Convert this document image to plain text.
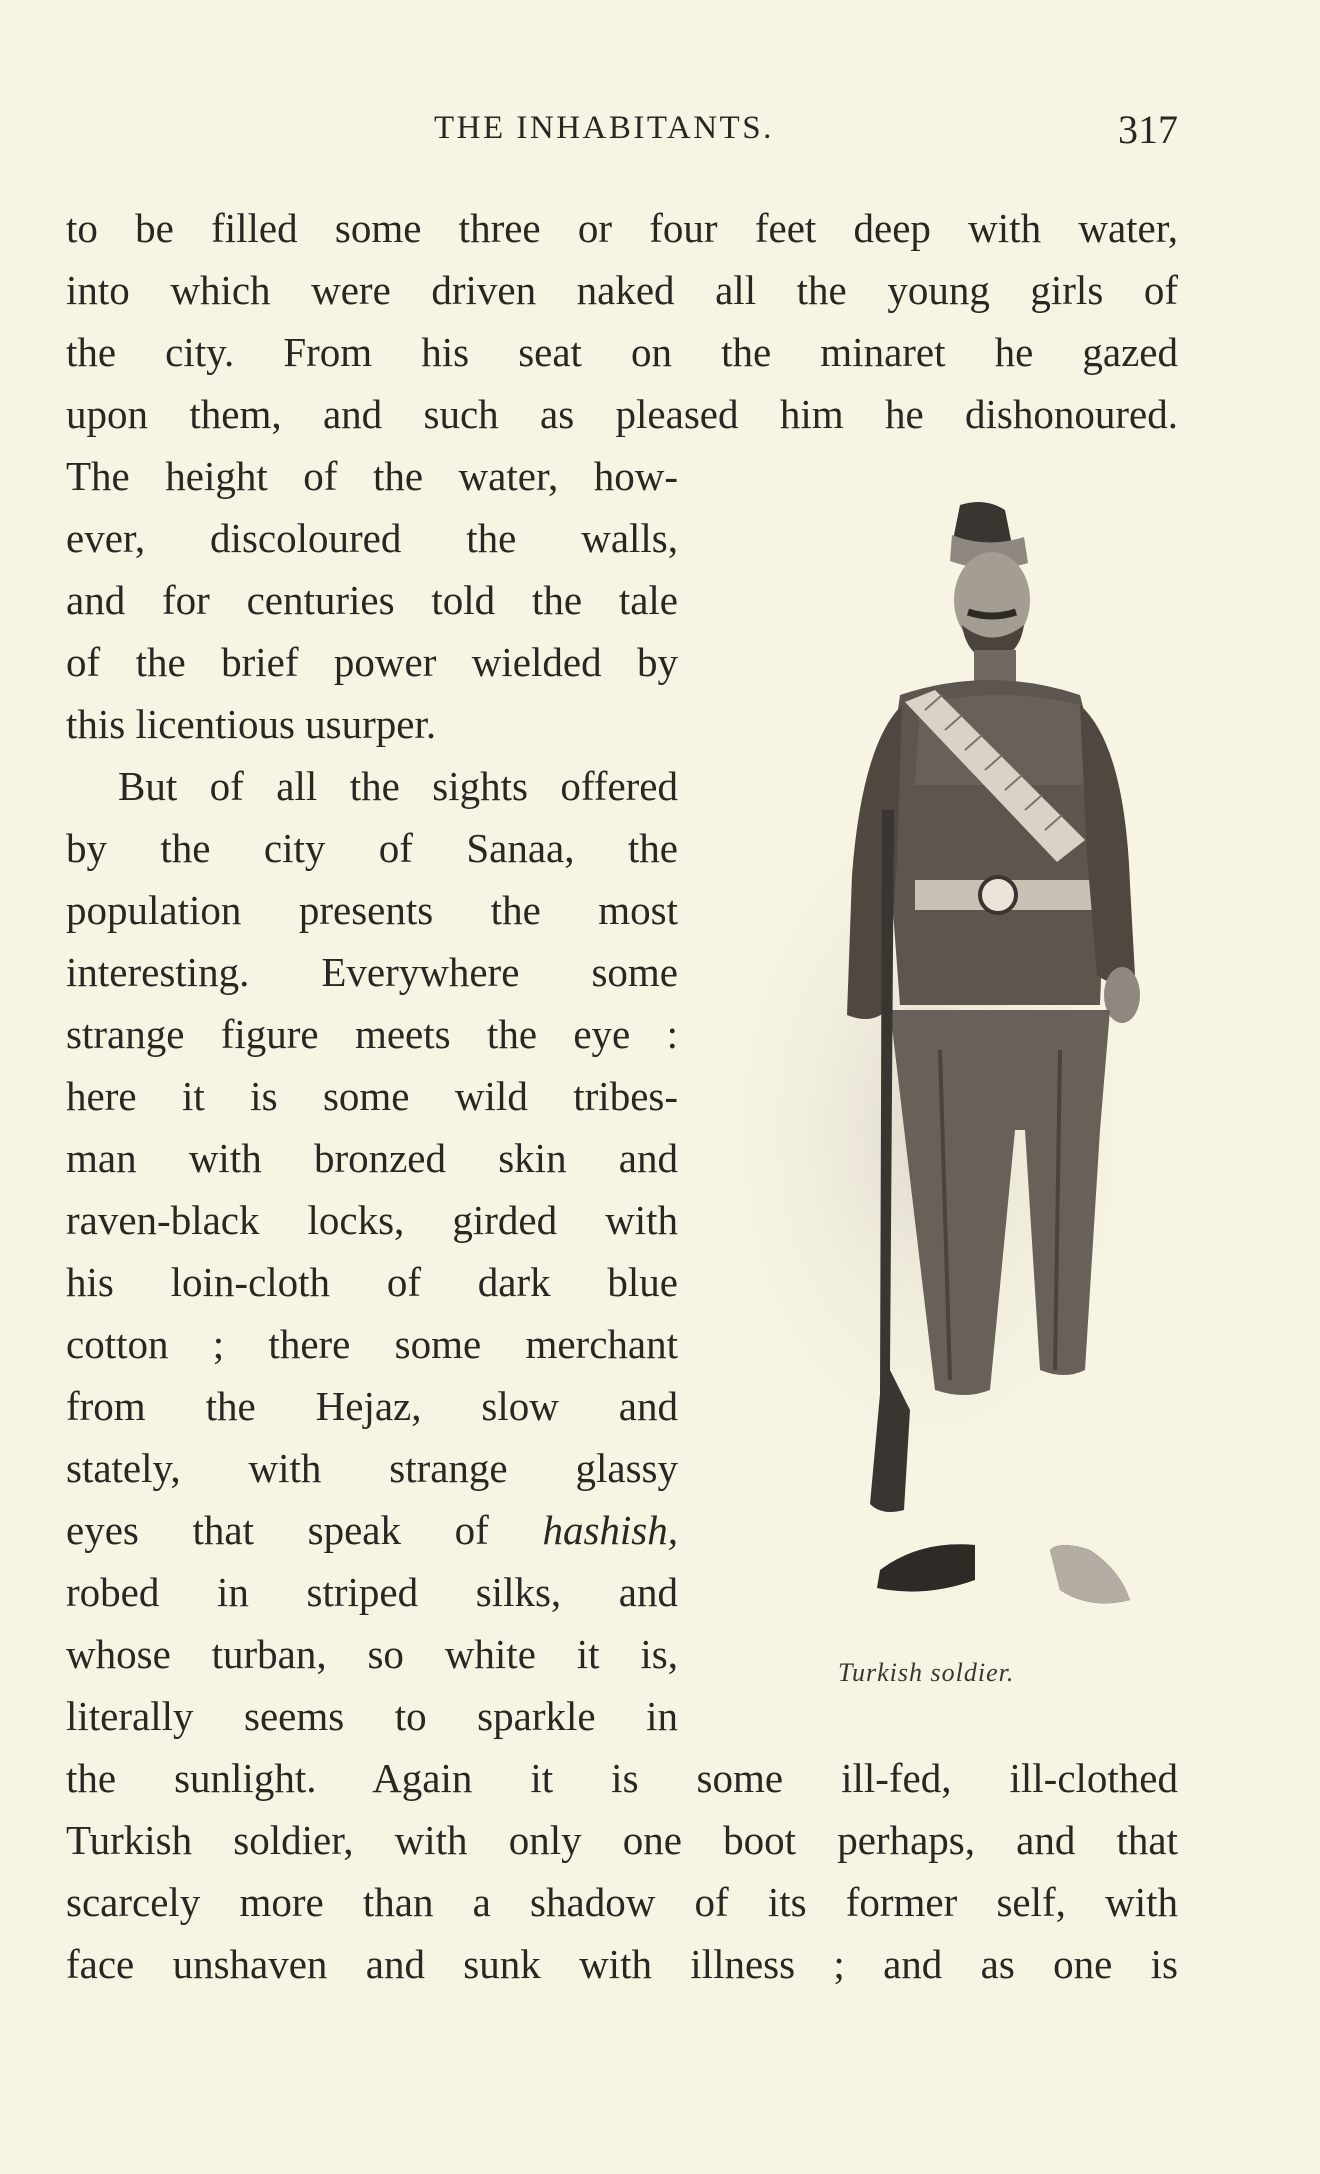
THE INHABITANTS.	317
to be filled some three or four feet deep with water,
into which were driven naked all the young girls of
the city. From his seat on the minaret he gazed
upon them, and such as pleased him he dishonoured.
The height of the water, how-
ever, discoloured the walls,
and for centuries told the tale
of the brief power wielded by
this licentious usurper.
But of all the sights offered
by the city of Sanaa, the
population presents the most
interesting. Everywhere some
strange figure meets the eye :
here it is some wild tribes-
man with bronzed skin and
raven-black locks, girded with
his loin-cloth of dark blue
cotton ; there some merchant
from the Hejaz, slow and
stately, with strange glassy
eyes that speak of hashish,
robed in striped silks, and
whose turban, so white it is,
literally seems to sparkle in
the sunlight. Again it is some ill-fed, ill-clothed
Turkish soldier, with only one boot perhaps, and that
scarcely more than a shadow of its former self, with
face unshaven and sunk with illness ; and as one is
Turkish soldier.
